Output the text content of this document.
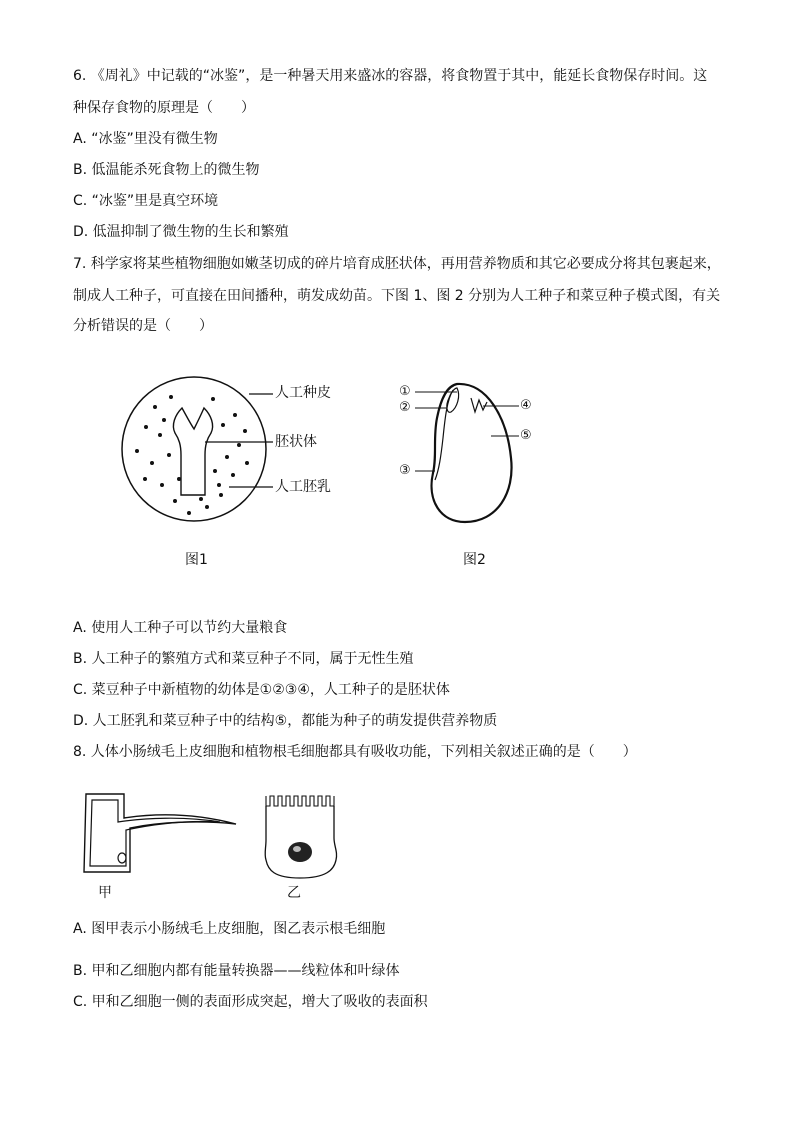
6. 《周礼》中记载的“冰鉴”，是一种暑天用来盛冰的容器，将食物置于其中，能延长食物保存时间。这
种保存食物的原理是（　　）
A. “冰鉴”里没有微生物
B. 低温能杀死食物上的微生物
C. “冰鉴”里是真空环境
D. 低温抑制了微生物的生长和繁殖
7. 科学家将某些植物细胞如嫩茎切成的碎片培育成胚状体，再用营养物质和其它必要成分将其包裹起来，
制成人工种子，可直接在田间播种，萌发成幼苗。下图 1、图 2 分别为人工种子和菜豆种子模式图，有关
分析错误的是（　　）
人工种皮
胚状体
人工胚乳
图1
①
②
③
④
⑤
图2
A. 使用人工种子可以节约大量粮食
B. 人工种子的繁殖方式和菜豆种子不同，属于无性生殖
C. 菜豆种子中新植物的幼体是①②③④，人工种子的是胚状体
D. 人工胚乳和菜豆种子中的结构⑤，都能为种子的萌发提供营养物质
8. 人体小肠绒毛上皮细胞和植物根毛细胞都具有吸收功能，下列相关叙述正确的是（　　）
甲	乙
A. 图甲表示小肠绒毛上皮细胞，图乙表示根毛细胞
B. 甲和乙细胞内都有能量转换器——线粒体和叶绿体
C. 甲和乙细胞一侧的表面形成突起，增大了吸收的表面积
